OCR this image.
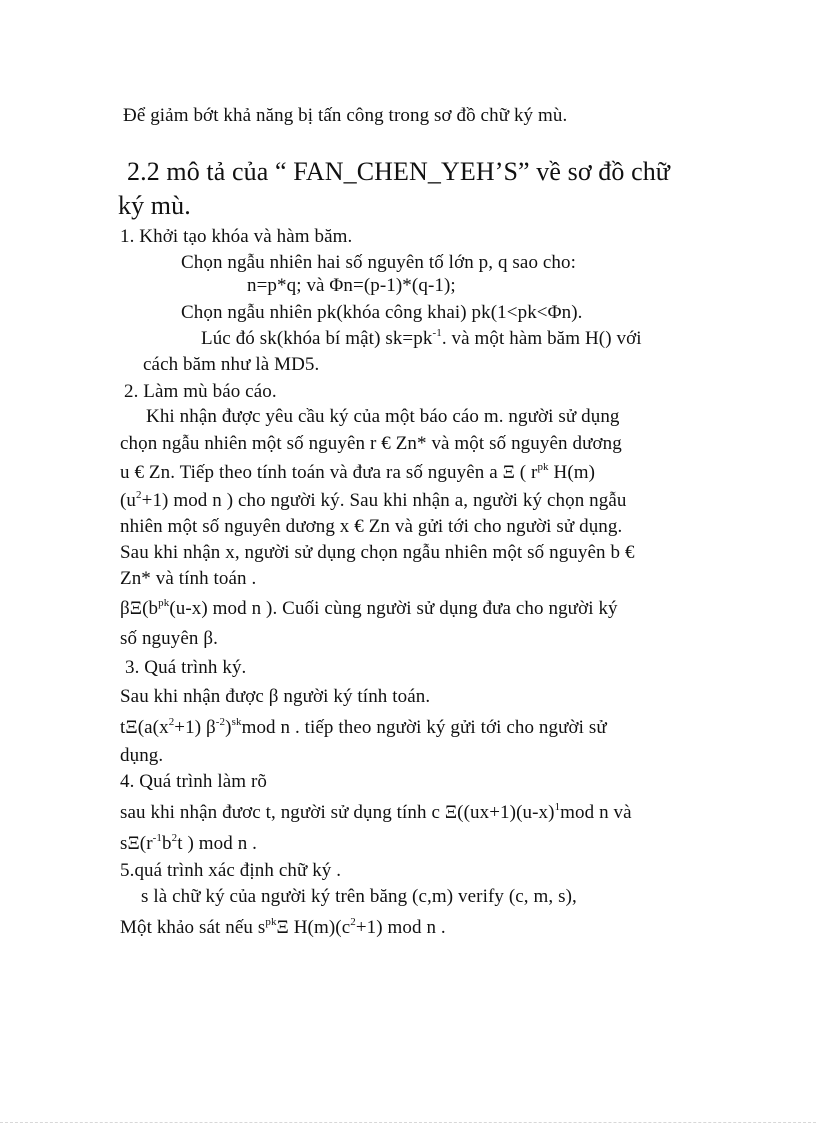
Để giảm bớt khả năng bị tấn công trong sơ đồ chữ ký mù.
2.2 mô tả của “ FAN_CHEN_YEH’S” về sơ đồ chữ
ký mù.
1. Khởi tạo khóa và hàm băm.
Chọn ngẫu nhiên hai số nguyên tố lớn p, q sao cho:
n=p*q; và Φn=(p-1)*(q-1);
Chọn ngẫu nhiên pk(khóa công khai) pk(1<pk<Φn).
Lúc đó sk(khóa bí mật) $sk=pk^{-1}$. và một hàm băm H() với
cách băm như là MD5.
2. Làm mù báo cáo.
Khi nhận được yêu cầu ký của một báo cáo m. người sử dụng
chọn ngẫu nhiên một số nguyên r € Zn* và một số nguyên dương
u € Zn. Tiếp theo tính toán và đưa ra số nguyên a Ξ ( $r^{pk}$ H(m)
$(u^2+1)$ mod n ) cho người ký. Sau khi nhận a, người ký chọn ngẫu
nhiên một số nguyên dương x € Zn và gửi tới cho người sử dụng.
Sau khi nhận x, người sử dụng chọn ngẫu nhiên một số nguyên b €
Zn* và tính toán .
$\beta\Xi(b^{pk}(u-x)$ mod n ). Cuối cùng người sử dụng đưa cho người ký
số nguyên β.
3. Quá trình ký.
Sau khi nhận được β người ký tính toán.
$t\Xi(a(x^2+1)$ $\beta^{-2})^{sk}mod$ n . tiếp theo người ký gửi tới cho người sử
dụng.
4. Quá trình làm rõ
sau khi nhận đươc t, người sử dụng tính c $\Xi((ux+1)(u-x)^1mod$ n và
$s\Xi(r^{-1}b^2t$ ) mod n .
5.quá trình xác định chữ ký .
s là chữ ký của người ký trên băng (c,m) verify (c, m, s),
Một khảo sát nếu $s^{pk}\Xi$ $H(m)(c^2+1)$ mod n .
